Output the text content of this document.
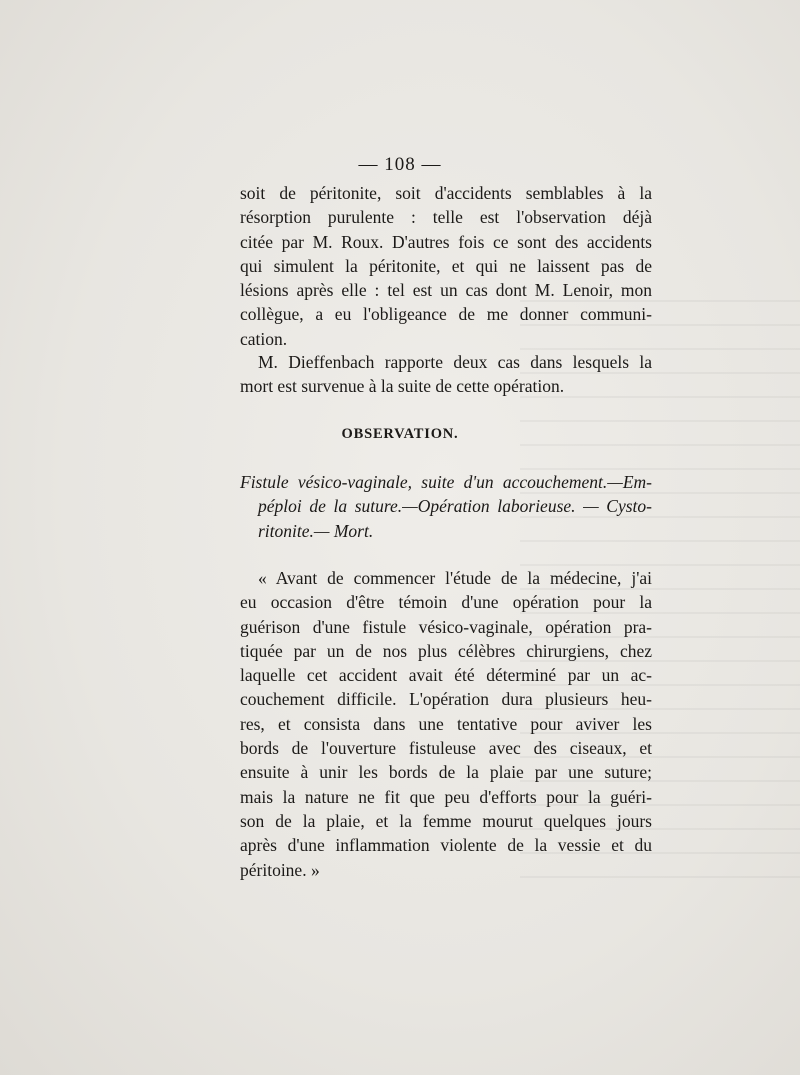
— 108 —
soit de péritonite, soit d'accidents semblables à la
résorption purulente : telle est l'observation déjà
citée par M. Roux. D'autres fois ce sont des accidents
qui simulent la péritonite, et qui ne laissent pas de
lésions après elle : tel est un cas dont M. Lenoir, mon
collègue, a eu l'obligeance de me donner communi-
cation.
M. Dieffenbach rapporte deux cas dans lesquels la
mort est survenue à la suite de cette opération.
OBSERVATION.
Fistule vésico-vaginale, suite d'un accouchement.—Em-
péploi de la suture.—Opération laborieuse. — Cysto-
ritonite.— Mort.
« Avant de commencer l'étude de la médecine, j'ai
eu occasion d'être témoin d'une opération pour la
guérison d'une fistule vésico-vaginale, opération pra-
tiquée par un de nos plus célèbres chirurgiens, chez
laquelle cet accident avait été déterminé par un ac-
couchement difficile. L'opération dura plusieurs heu-
res, et consista dans une tentative pour aviver les
bords de l'ouverture fistuleuse avec des ciseaux, et
ensuite à unir les bords de la plaie par une suture;
mais la nature ne fit que peu d'efforts pour la guéri-
son de la plaie, et la femme mourut quelques jours
après d'une inflammation violente de la vessie et du
péritoine. »
